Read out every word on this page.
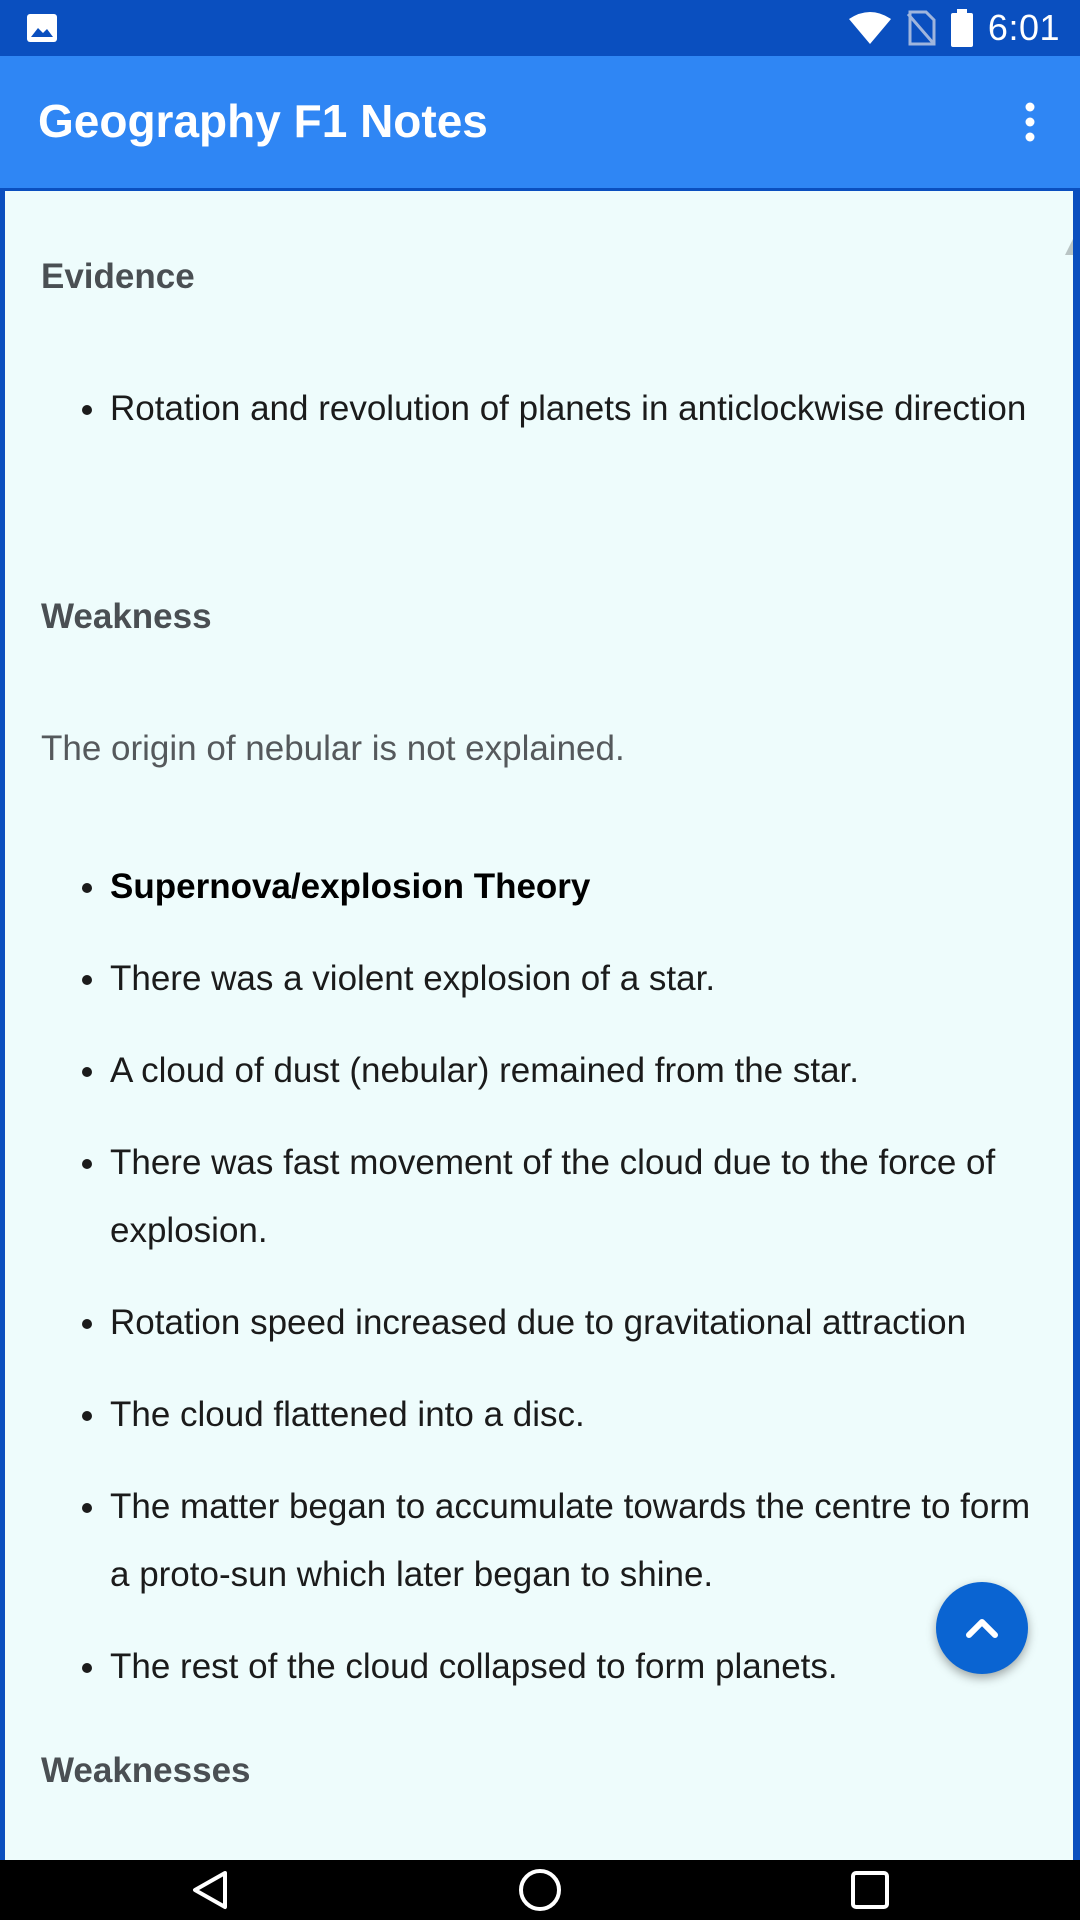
6:01
Geography F1 Notes
Evidence
Rotation and revolution of planets in anticlockwise direction
Weakness
The origin of nebular is not explained.
Supernova/explosion Theory
There was a violent explosion of a star.
A cloud of dust (nebular) remained from the star.
There was fast movement of the cloud due to the force of explosion.
Rotation speed increased due to gravitational attraction
The cloud flattened into a disc.
The matter began to accumulate towards the centre to form a proto-sun which later began to shine.
The rest of the cloud collapsed to form planets.
Weaknesses
